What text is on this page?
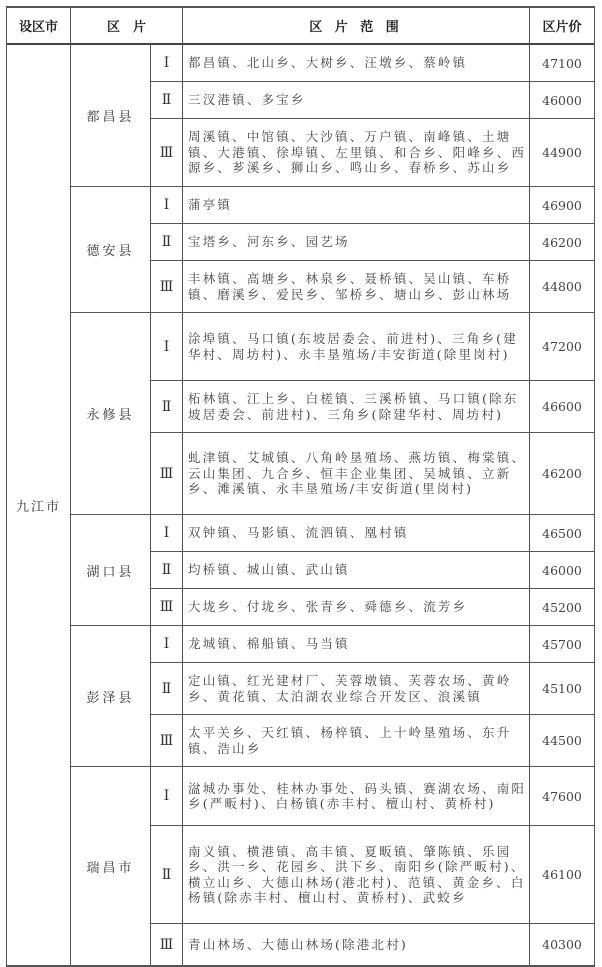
设区市	区　片		区 片 范 围	区片价
九江市	都昌县	Ⅰ	都昌镇、北山乡、大树乡、汪墩乡、蔡岭镇	47100
		Ⅱ	三汊港镇、多宝乡	46000
		Ⅲ	周溪镇、中馆镇、大沙镇、万户镇、南峰镇、土塘镇、大港镇、徐埠镇、左里镇、和合乡、阳峰乡、西源乡、芗溪乡、狮山乡、鸣山乡、春桥乡、苏山乡	44900
	德安县	Ⅰ	蒲亭镇	46900
		Ⅱ	宝塔乡、河东乡、园艺场	46200
		Ⅲ	丰林镇、高塘乡、林泉乡、聂桥镇、吴山镇、车桥镇、磨溪乡、爱民乡、邹桥乡、塘山乡、彭山林场	44800
	永修县	Ⅰ	涂埠镇、马口镇(东坡居委会、前进村)、三角乡(建华村、周坊村)、永丰垦殖场/丰安街道(除里岗村)	47200
		Ⅱ	柘林镇、江上乡、白槎镇、三溪桥镇、马口镇(除东坡居委会、前进村)、三角乡(除建华村、周坊村)	46600
		Ⅲ	虬津镇、艾城镇、八角岭垦殖场、燕坊镇、梅棠镇、云山集团、九合乡、恒丰企业集团、吴城镇、立新乡、滩溪镇、永丰垦殖场/丰安街道(里岗村)	46200
	湖口县	Ⅰ	双钟镇、马影镇、流泗镇、凰村镇	46500
		Ⅱ	均桥镇、城山镇、武山镇	46000
		Ⅲ	大垅乡、付垅乡、张青乡、舜德乡、流芳乡	45200
	彭泽县	Ⅰ	龙城镇、棉船镇、马当镇	45700
		Ⅱ	定山镇、红光建材厂、芙蓉墩镇、芙蓉农场、黄岭乡、黄花镇、太泊湖农业综合开发区、浪溪镇	45100
		Ⅲ	太平关乡、天红镇、杨梓镇、上十岭垦殖场、东升镇、浩山乡	44500
	瑞昌市	Ⅰ	湓城办事处、桂林办事处、码头镇、赛湖农场、南阳乡(严畈村)、白杨镇(赤丰村、檀山村、黄桥村)	47600
		Ⅱ	南义镇、横港镇、高丰镇、夏畈镇、肇陈镇、乐园乡、洪一乡、花园乡、洪下乡、南阳乡(除严畈村)、横立山乡、大德山林场(港北村)、范镇、黄金乡、白杨镇(除赤丰村、檀山村、黄桥村)、武蛟乡	46100
		Ⅲ	青山林场、大德山林场(除港北村)	40300
